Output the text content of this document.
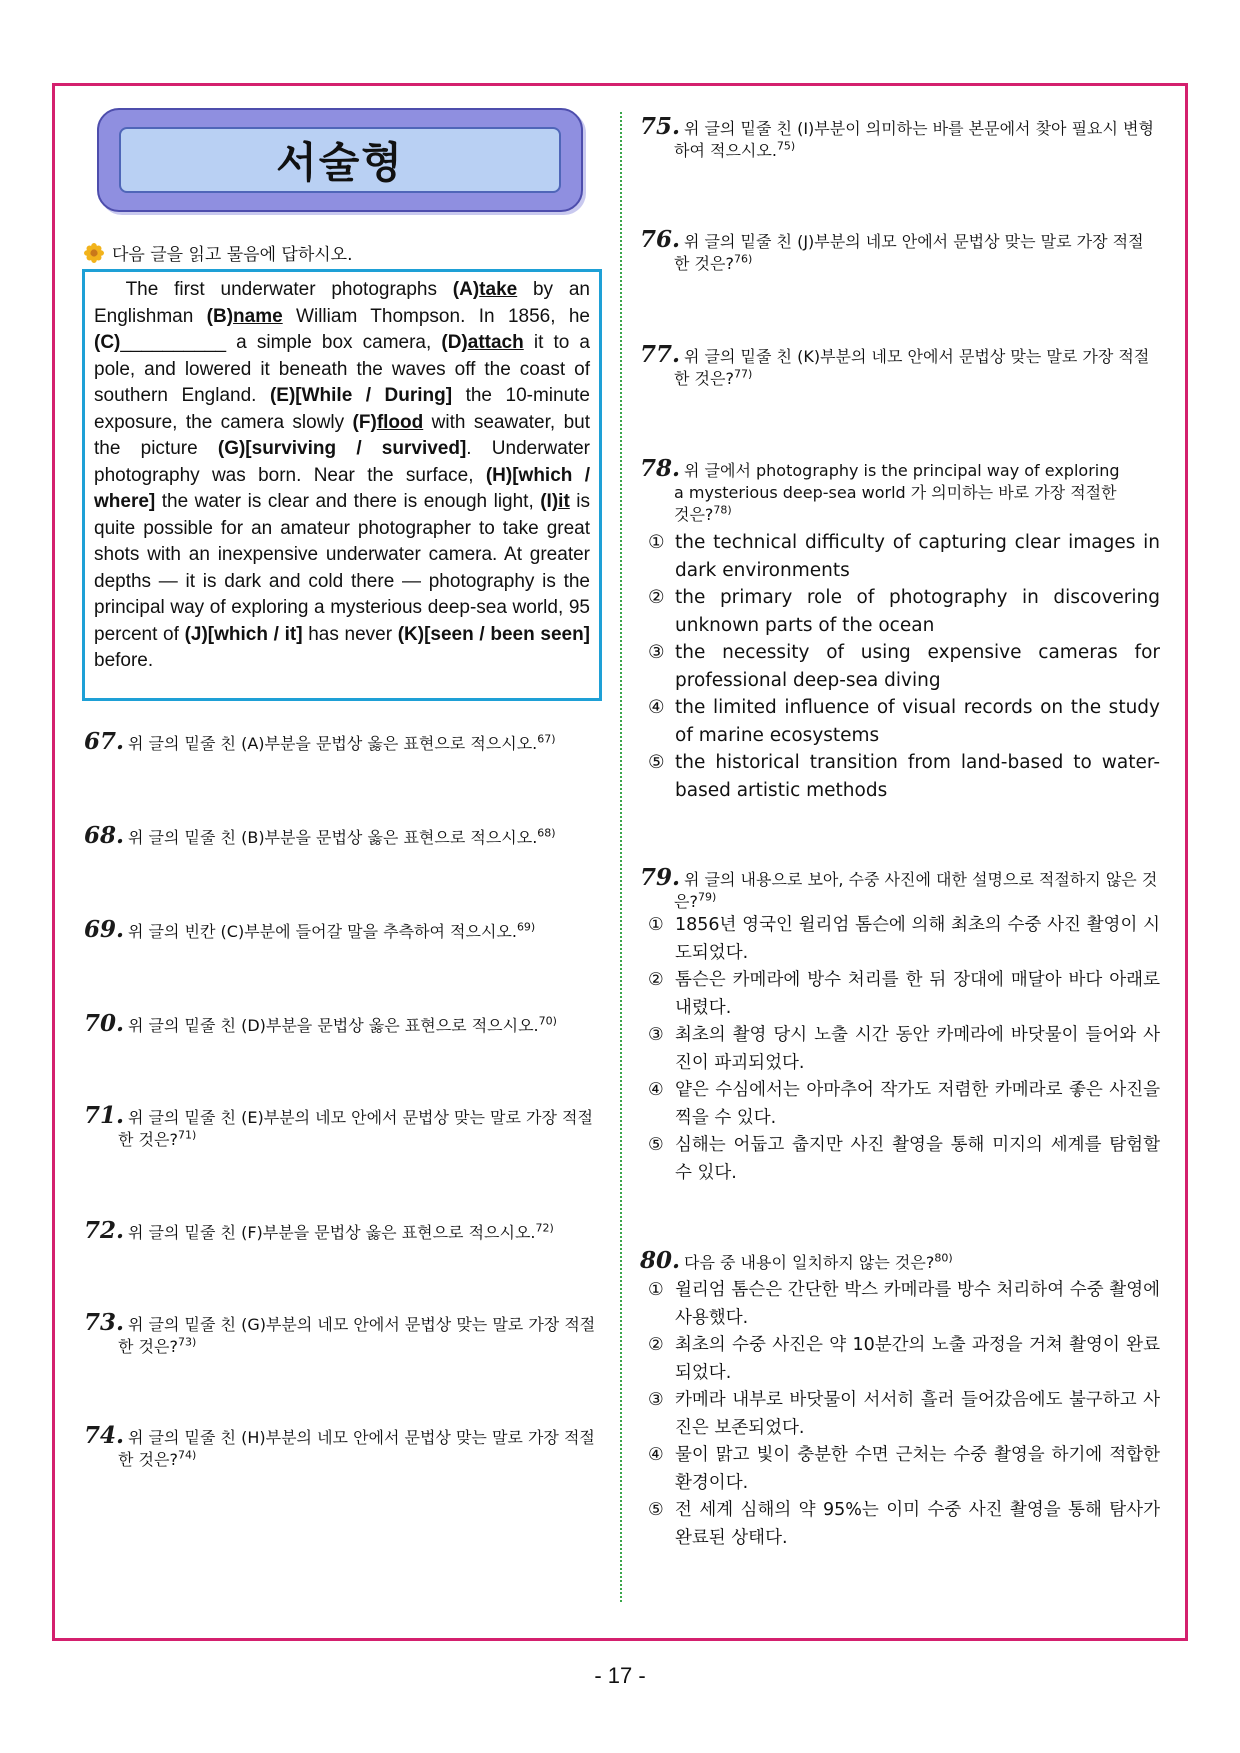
서술형
다음 글을 읽고 물음에 답하시오.
The first underwater photographs (A)take by an Englishman (B)name William Thompson. In 1856, he (C)__________ a simple box camera, (D)attach it to a pole, and lowered it beneath the waves off the coast of southern England. (E)[While / During] the 10-minute exposure, the camera slowly (F)flood with seawater, but the picture (G)[surviving / survived]. Underwater photography was born. Near the surface, (H)[which / where] the water is clear and there is enough light, (I)it is quite possible for an amateur photographer to take great shots with an inexpensive underwater camera. At greater depths — it is dark and cold there — photography is the principal way of exploring a mysterious deep-sea world, 95 percent of (J)[which / it] has never (K)[seen / been seen] before.
67. 위 글의 밑줄 친 (A)부분을 문법상 옳은 표현으로 적으시오.$^{67)}$
68. 위 글의 밑줄 친 (B)부분을 문법상 옳은 표현으로 적으시오.$^{68)}$
69. 위 글의 빈칸 (C)부분에 들어갈 말을 추측하여 적으시오.$^{69)}$
70. 위 글의 밑줄 친 (D)부분을 문법상 옳은 표현으로 적으시오.$^{70)}$
71. 위 글의 밑줄 친 (E)부분의 네모 안에서 문법상 맞는 말로 가장 적절
한 것은?$^{71)}$
72. 위 글의 밑줄 친 (F)부분을 문법상 옳은 표현으로 적으시오.$^{72)}$
73. 위 글의 밑줄 친 (G)부분의 네모 안에서 문법상 맞는 말로 가장 적절
한 것은?$^{73)}$
74. 위 글의 밑줄 친 (H)부분의 네모 안에서 문법상 맞는 말로 가장 적절
한 것은?$^{74)}$
75. 위 글의 밑줄 친 (I)부분이 의미하는 바를 본문에서 찾아 필요시 변형
하여 적으시오.$^{75)}$
76. 위 글의 밑줄 친 (J)부분의 네모 안에서 문법상 맞는 말로 가장 적절
한 것은?$^{76)}$
77. 위 글의 밑줄 친 (K)부분의 네모 안에서 문법상 맞는 말로 가장 적절
한 것은?$^{77)}$
78. 위 글에서 photography is the principal way of exploring
a mysterious deep-sea world 가 의미하는 바로 가장 적절한
것은?$^{78)}$
① the technical difficulty of capturing clear images in dark environments
② the primary role of photography in discovering unknown parts of the ocean
③ the necessity of using expensive cameras for professional deep-sea diving
④ the limited influence of visual records on the study of marine ecosystems
⑤ the historical transition from land-based to water-based artistic methods
79. 위 글의 내용으로 보아, 수중 사진에 대한 설명으로 적절하지 않은 것
은?$^{79)}$
① 1856년 영국인 윌리엄 톰슨에 의해 최초의 수중 사진 촬영이 시도되었다.
② 톰슨은 카메라에 방수 처리를 한 뒤 장대에 매달아 바다 아래로 내렸다.
③ 최초의 촬영 당시 노출 시간 동안 카메라에 바닷물이 들어와 사진이 파괴되었다.
④ 얕은 수심에서는 아마추어 작가도 저렴한 카메라로 좋은 사진을 찍을 수 있다.
⑤ 심해는 어둡고 춥지만 사진 촬영을 통해 미지의 세계를 탐험할 수 있다.
80. 다음 중 내용이 일치하지 않는 것은?$^{80)}$
① 윌리엄 톰슨은 간단한 박스 카메라를 방수 처리하여 수중 촬영에 사용했다.
② 최초의 수중 사진은 약 10분간의 노출 과정을 거쳐 촬영이 완료되었다.
③ 카메라 내부로 바닷물이 서서히 흘러 들어갔음에도 불구하고 사진은 보존되었다.
④ 물이 맑고 빛이 충분한 수면 근처는 수중 촬영을 하기에 적합한 환경이다.
⑤ 전 세계 심해의 약 95%는 이미 수중 사진 촬영을 통해 탐사가 완료된 상태다.
- 17 -
